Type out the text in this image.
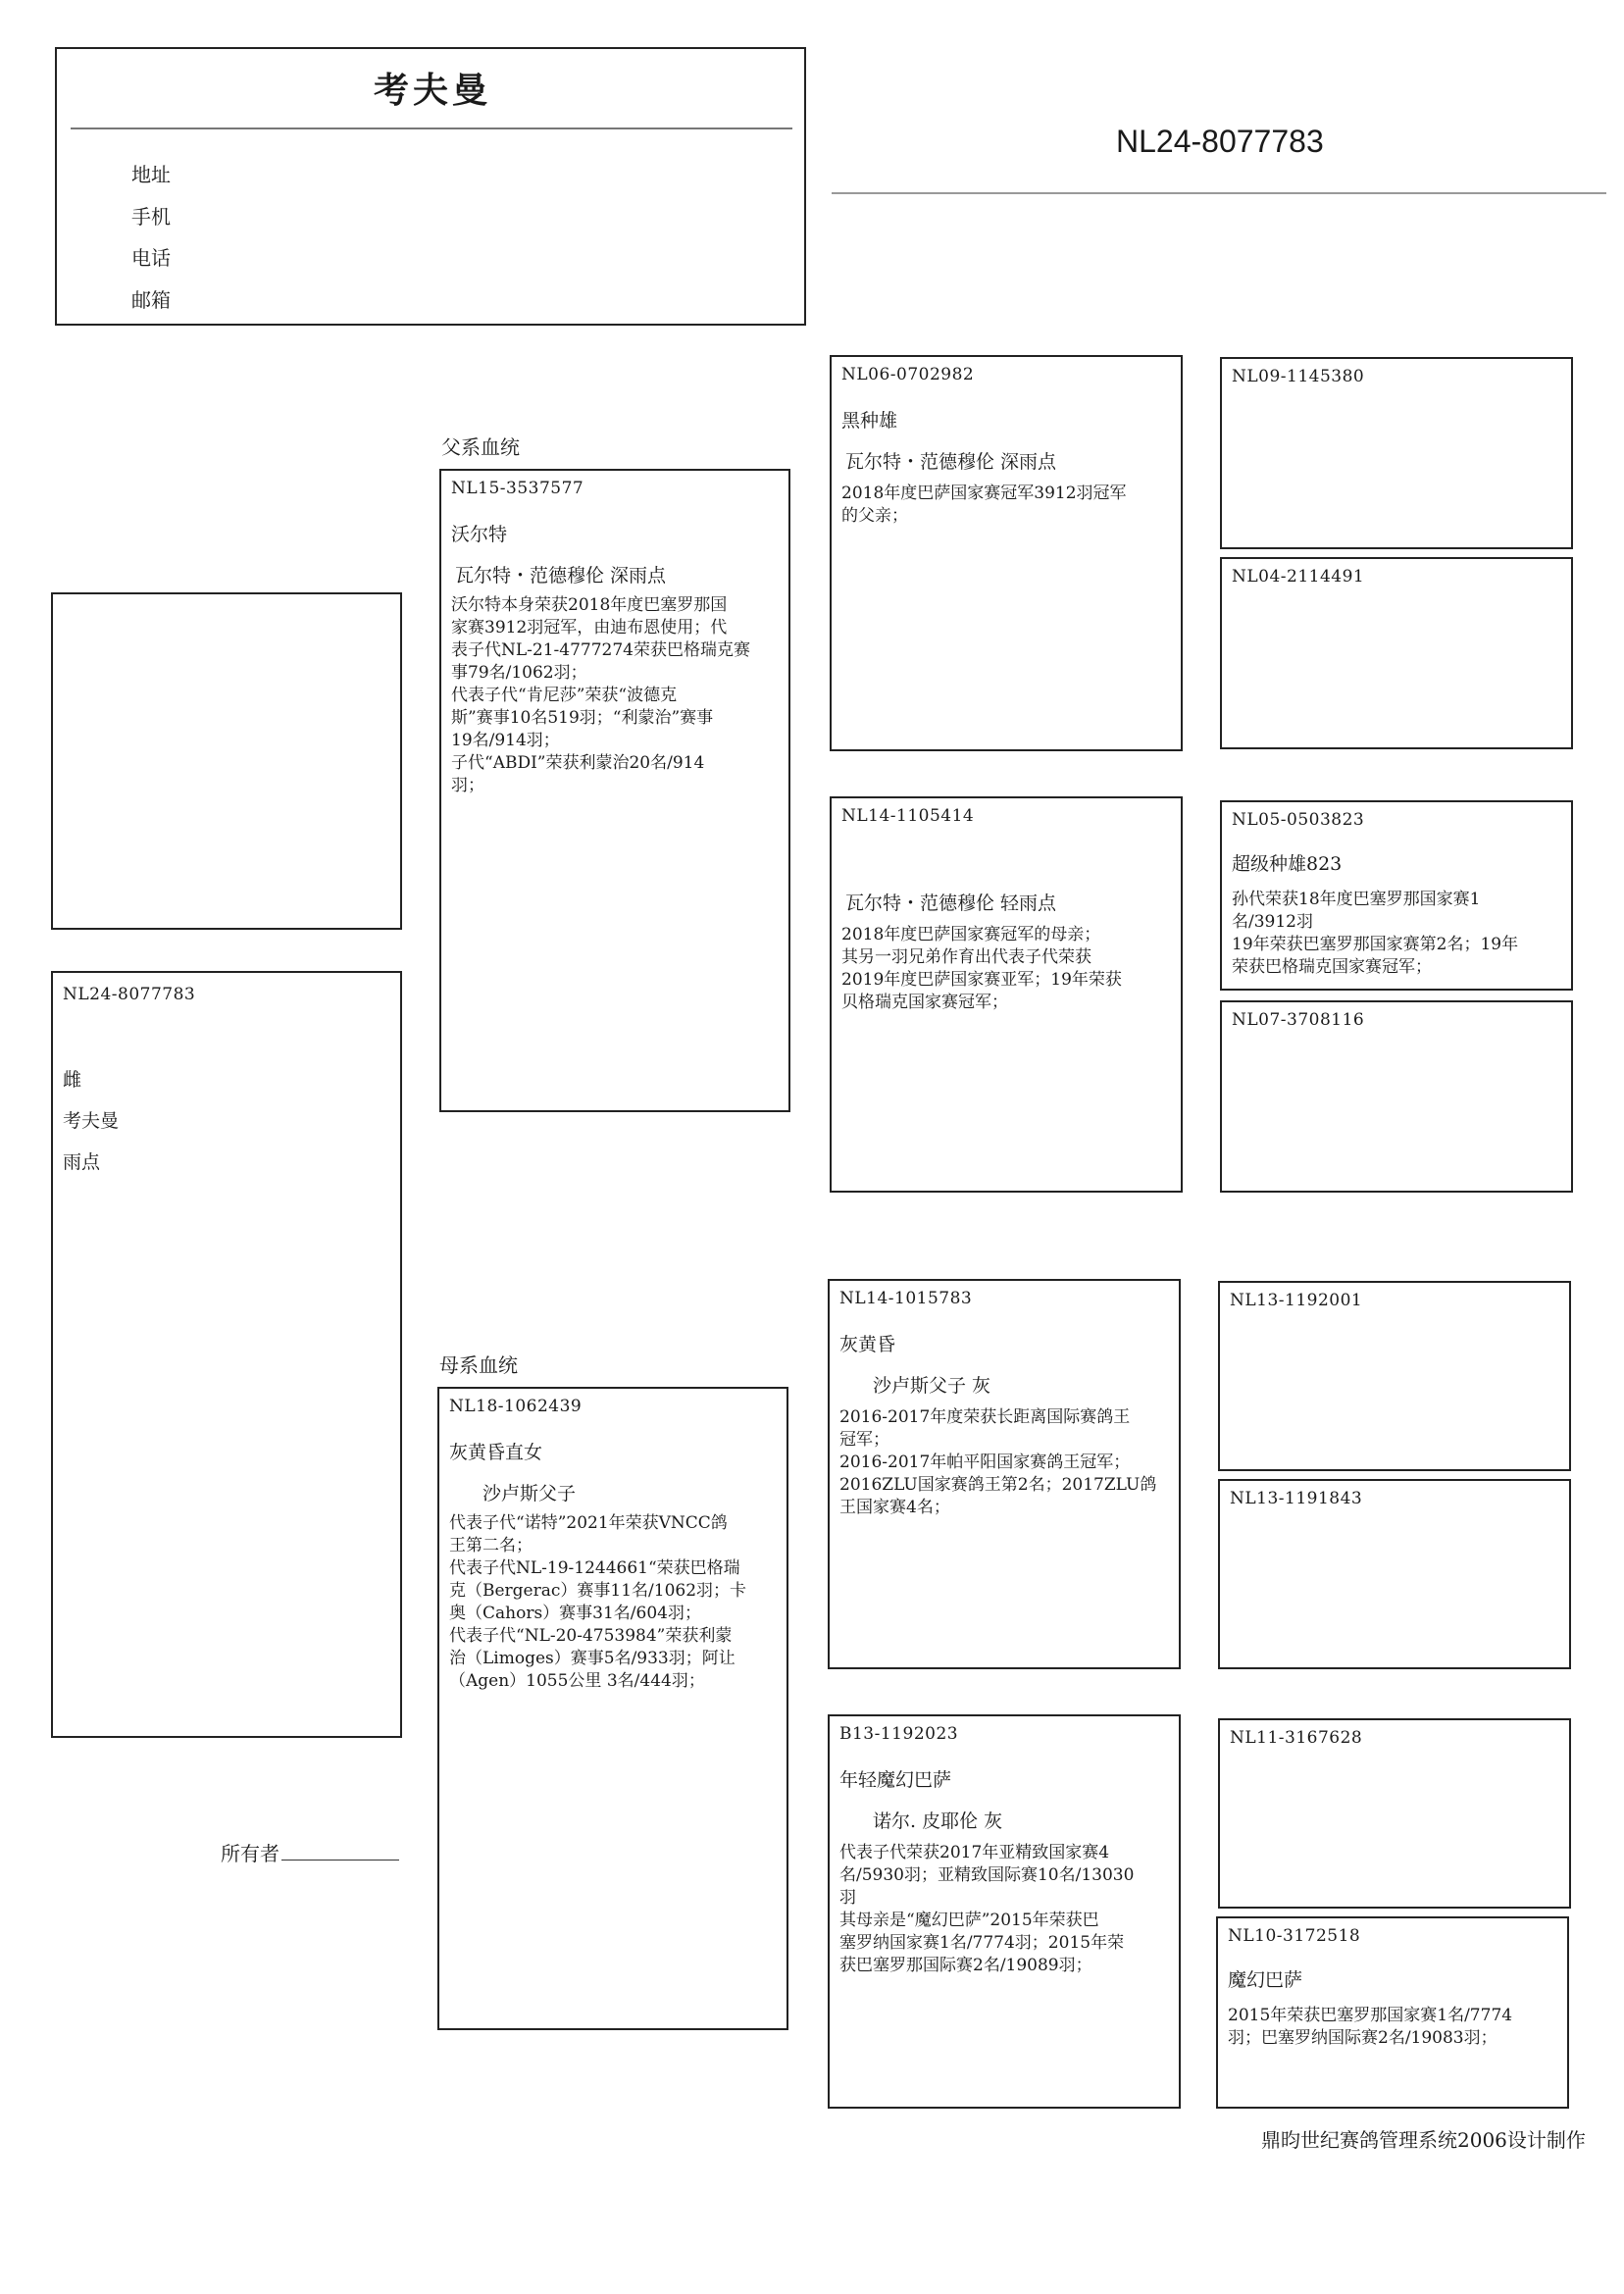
考夫曼
地址
手机
电话
邮箱
NL24-8077783
NL24-8077783
雌
考夫曼
雨点
所有者
父系血统
母系血统
NL15-3537577
沃尔特
瓦尔特・范德穆伦 深雨点
沃尔特本身荣获2018年度巴塞罗那国
家赛3912羽冠军，由迪布恩使用；代
表子代NL-21-4777274荣获巴格瑞克赛
事79名/1062羽；
代表子代“肯尼莎”荣获“波德克
斯”赛事10名519羽；“利蒙治”赛事
19名/914羽；
子代“ABDI”荣获利蒙治20名/914
羽；
NL18-1062439
灰黄昏直女
沙卢斯父子
代表子代“诺特”2021年荣获VNCC鸽
王第二名；
代表子代NL-19-1244661“荣获巴格瑞
克（Bergerac）赛事11名/1062羽；卡
奥（Cahors）赛事31名/604羽；
代表子代“NL-20-4753984”荣获利蒙
治（Limoges）赛事5名/933羽；阿让
（Agen）1055公里 3名/444羽；
NL06-0702982
黑种雄
瓦尔特・范德穆伦 深雨点
2018年度巴萨国家赛冠军3912羽冠军
的父亲；
NL14-1105414
瓦尔特・范德穆伦 轻雨点
2018年度巴萨国家赛冠军的母亲；
其另一羽兄弟作育出代表子代荣获
2019年度巴萨国家赛亚军；19年荣获
贝格瑞克国家赛冠军；
NL14-1015783
灰黄昏
沙卢斯父子 灰
2016-2017年度荣获长距离国际赛鸽王
冠军；
2016-2017年帕平阳国家赛鸽王冠军；
2016ZLU国家赛鸽王第2名；2017ZLU鸽
王国家赛4名；
B13-1192023
年轻魔幻巴萨
诺尔. 皮耶伦 灰
代表子代荣获2017年亚精致国家赛4
名/5930羽；亚精致国际赛10名/13030
羽
其母亲是“魔幻巴萨”2015年荣获巴
塞罗纳国家赛1名/7774羽；2015年荣
获巴塞罗那国际赛2名/19089羽；
NL09-1145380
NL04-2114491
NL05-0503823
超级种雄823
孙代荣获18年度巴塞罗那国家赛1
名/3912羽
19年荣获巴塞罗那国家赛第2名；19年
荣获巴格瑞克国家赛冠军；
NL07-3708116
NL13-1192001
NL13-1191843
NL11-3167628
NL10-3172518
魔幻巴萨
2015年荣获巴塞罗那国家赛1名/7774
羽；巴塞罗纳国际赛2名/19083羽；
鼎昀世纪赛鸽管理系统2006设计制作
